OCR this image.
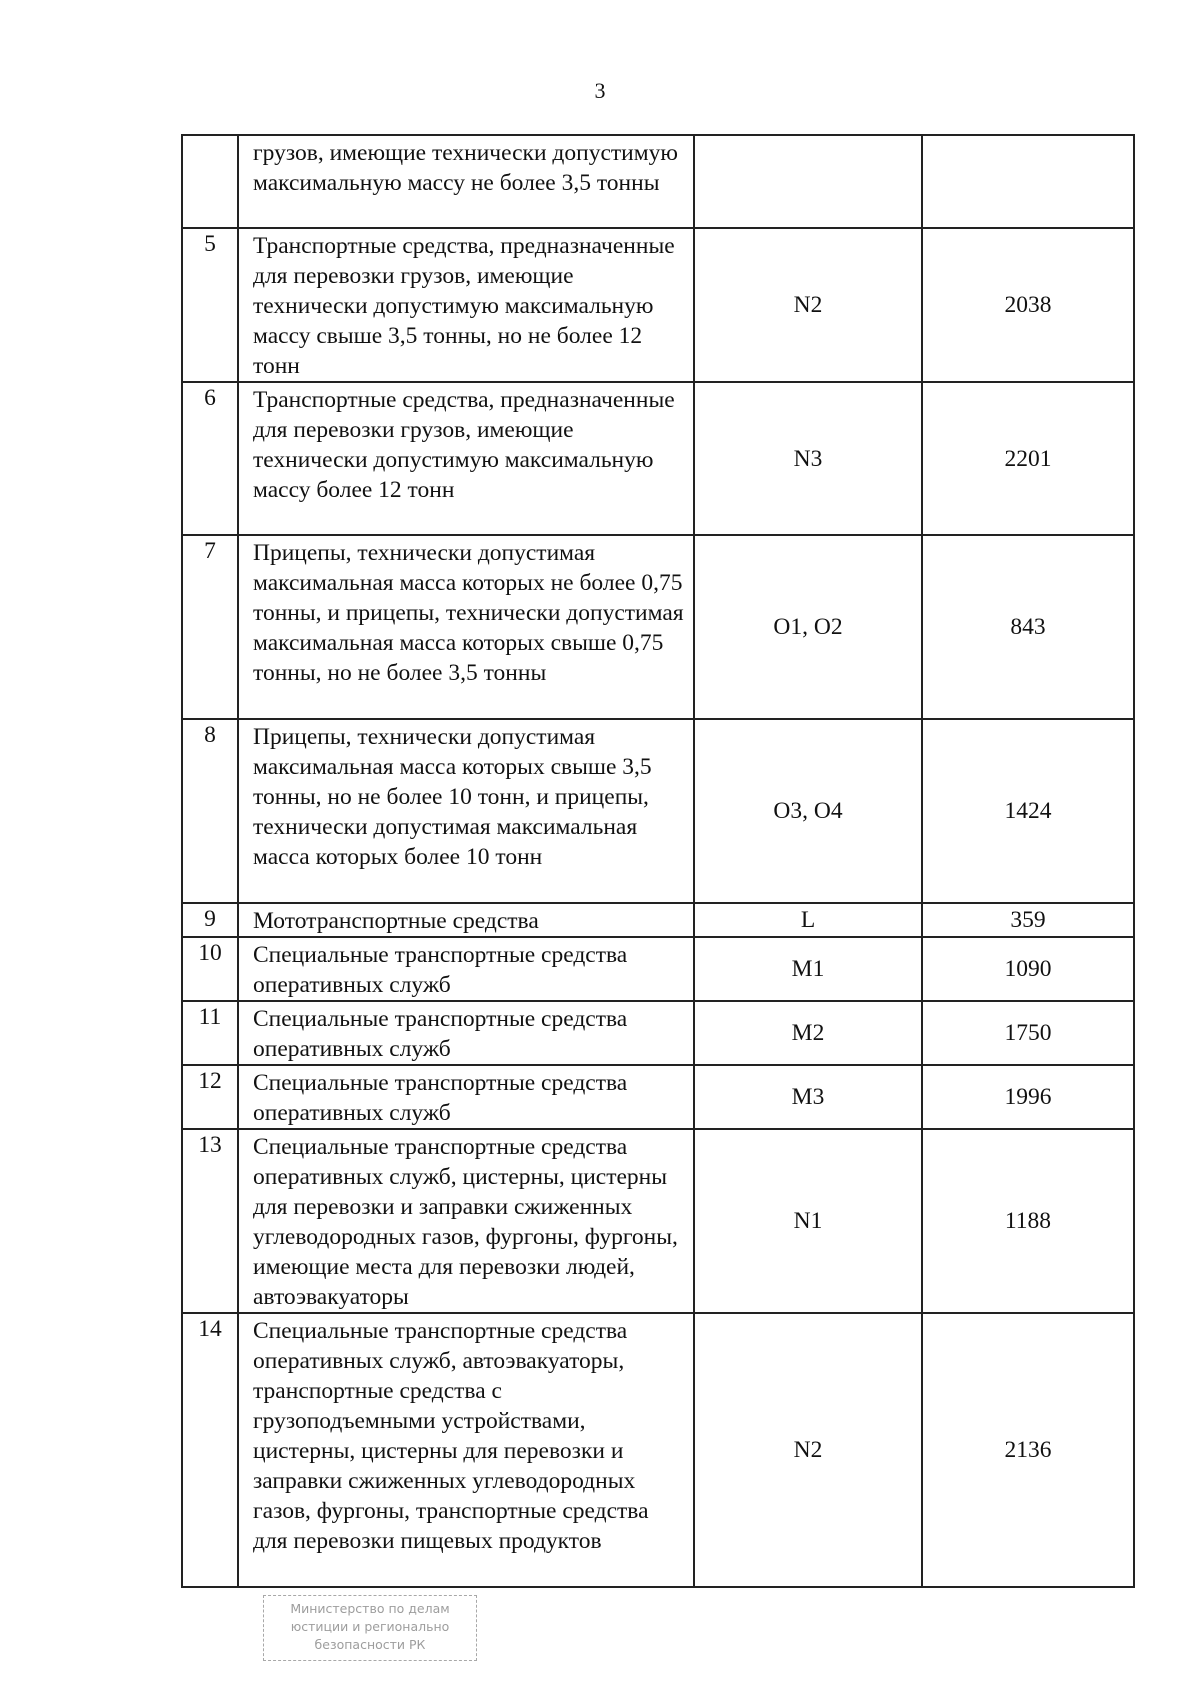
3
	грузов, имеющие технически допустимую максимальную массу не более 3,5 тонны		
5	Транспортные средства, предназначенные для перевозки грузов, имеющие технически допустимую максимальную массу свыше 3,5 тонны, но не более 12 тонн	N2	2038
6	Транспортные средства, предназначенные для перевозки грузов, имеющие технически допустимую максимальную массу более 12 тонн	N3	2201
7	Прицепы, технически допустимая максимальная масса которых не более 0,75 тонны, и прицепы, технически допустимая максимальная масса которых свыше 0,75 тонны, но не более 3,5 тонны	O1, O2	843
8	Прицепы, технически допустимая максимальная масса которых свыше 3,5 тонны, но не более 10 тонн, и прицепы, технически допустимая максимальная масса которых более 10 тонн	O3, O4	1424
9	Мототранспортные средства	L	359
10	Специальные транспортные средства оперативных служб	M1	1090
11	Специальные транспортные средства оперативных служб	M2	1750
12	Специальные транспортные средства оперативных служб	M3	1996
13	Специальные транспортные средства оперативных служб, цистерны, цистерны для перевозки и заправки сжиженных углеводородных газов, фургоны, фургоны, имеющие места для перевозки людей, автоэвакуаторы	N1	1188
14	Специальные транспортные средства оперативных служб, автоэвакуаторы, транспортные средства с грузоподъемными устройствами, цистерны, цистерны для перевозки и заправки сжиженных углеводородных газов, фургоны, транспортные средства для перевозки пищевых продуктов	N2	2136
Министерство по делам
юстиции и регионально
безопасности РК
